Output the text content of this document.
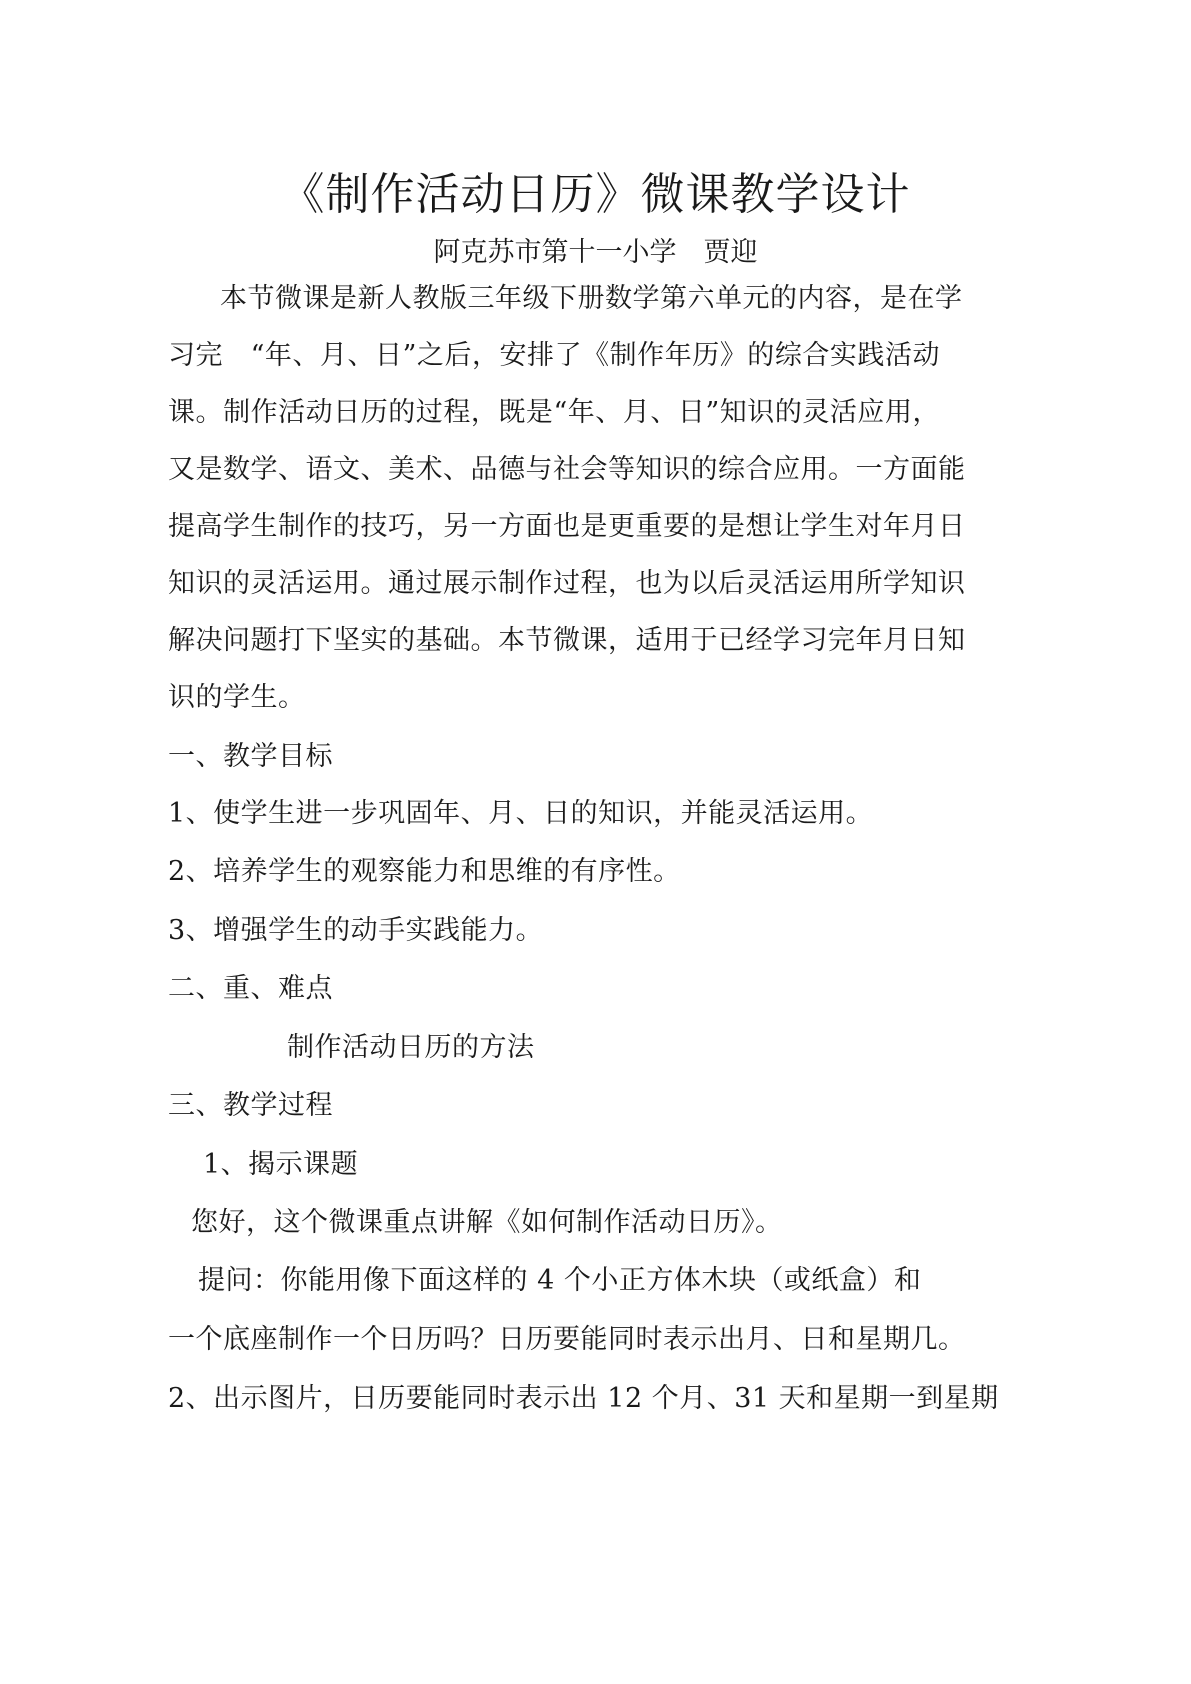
《制作活动日历》微课教学设计
阿克苏市第十一小学　贾迎
本节微课是新人教版三年级下册数学第六单元的内容，是在学
习完　“年、月、日”之后，安排了《制作年历》的综合实践活动
课。制作活动日历的过程，既是“年、月、日”知识的灵活应用，
又是数学、语文、美术、品德与社会等知识的综合应用。一方面能
提高学生制作的技巧，另一方面也是更重要的是想让学生对年月日
知识的灵活运用。通过展示制作过程，也为以后灵活运用所学知识
解决问题打下坚实的基础。本节微课，适用于已经学习完年月日知
识的学生。
一、教学目标
1、使学生进一步巩固年、月、日的知识，并能灵活运用。
2、培养学生的观察能力和思维的有序性。
3、增强学生的动手实践能力。
二、重、难点
制作活动日历的方法
三、教学过程
1、揭示课题
您好，这个微课重点讲解《如何制作活动日历》。
提问：你能用像下面这样的 4 个小正方体木块（或纸盒）和
一个底座制作一个日历吗？日历要能同时表示出月、日和星期几。
2、出示图片，日历要能同时表示出 12 个月、31 天和星期一到星期
